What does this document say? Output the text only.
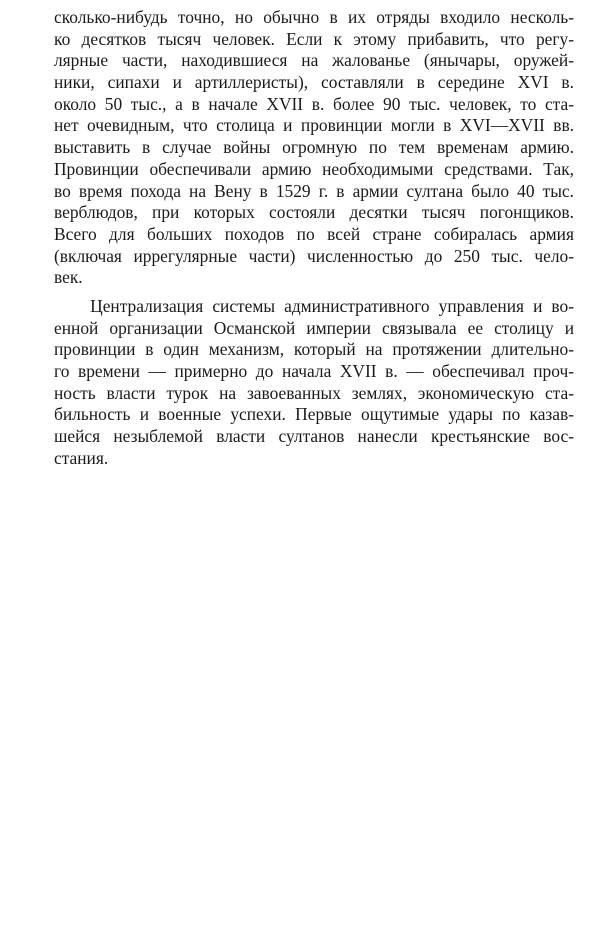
сколько-нибудь точно, но обычно в их отряды входило несколь-
ко десятков тысяч человек. Если к этому прибавить, что регу-
лярные части, находившиеся на жалованье (янычары, оружей-
ники, сипахи и артиллеристы), составляли в середине XVI в.
около 50 тыс., а в начале XVII в. более 90 тыс. человек, то ста-
нет очевидным, что столица и провинции могли в XVI—XVII вв.
выставить в случае войны огромную по тем временам армию.
Провинции обеспечивали армию необходимыми средствами. Так,
во время похода на Вену в 1529 г. в армии султана было 40 тыс.
верблюдов, при которых состояли десятки тысяч погонщиков.
Всего для больших походов по всей стране собиралась армия
(включая иррегулярные части) численностью до 250 тыс. чело-
век.
Централизация системы административного управления и во-
енной организации Османской империи связывала ее столицу и
провинции в один механизм, который на протяжении длительно-
го времени — примерно до начала XVII в. — обеспечивал проч-
ность власти турок на завоеванных землях, экономическую ста-
бильность и военные успехи. Первые ощутимые удары по казав-
шейся незыблемой власти султанов нанесли крестьянские вос-
стания.
